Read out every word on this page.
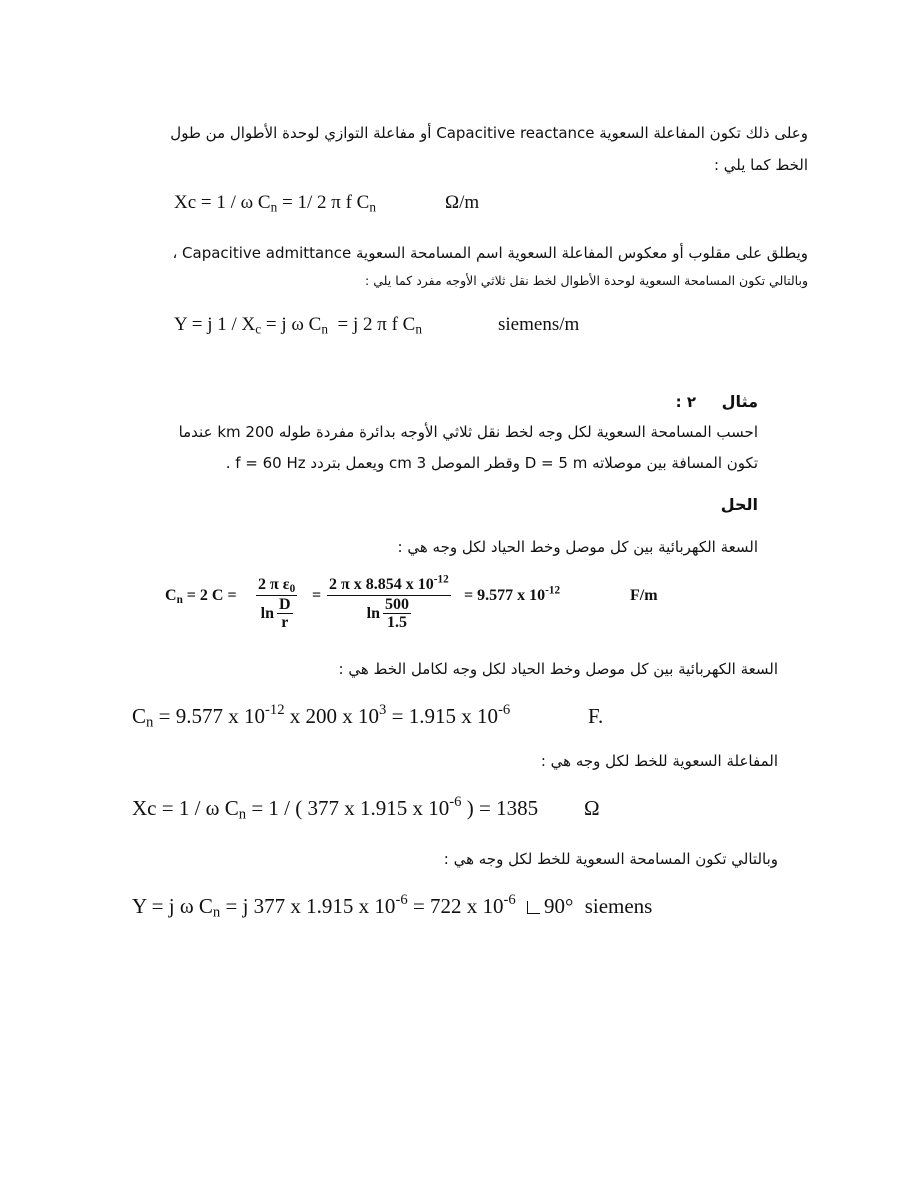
وعلى ذلك تكون المفاعلة السعوية Capacitive reactance أو مفاعلة التوازي لوحدة الأطوال من طول
الخط كما يلي :
Xc = 1 / ω $C_n = 1/$ 2 π f $C_n$	Ω/m
ويطلق على مقلوب أو معكوس المفاعلة السعوية اسم المسامحة السعوية Capacitive admittance ،
وبالتالي تكون المسامحة السعوية لوحدة الأطوال لخط نقل ثلاثي الأوجه مفرد كما يلي :
Y = j $1 / X_c = j$ ω $C_n = j$ 2 π f $C_n$	siemens/m
مثال
٢ :
احسب المسامحة السعوية لكل وجه لخط نقل ثلاثي الأوجه بدائرة مفردة طوله 200 km عندما
تكون المسافة بين موصلاته D = 5 m وقطر الموصل 3 cm ويعمل بتردد f = 60 Hz .
الحل
السعة الكهربائية بين كل موصل وخط الحياد لكل وجه هي :
$C_n = 2$ $C = \frac{2 \pi \varepsilon_0}{\ln \frac{D}{r}} = \frac{2 \pi x 8.854 x 10^{-12}}{\ln \frac{500}{1.5}} = 9.577$ x $10^{-12}$	F/m
السعة الكهربائية بين كل موصل وخط الحياد لكل وجه لكامل الخط هي :
$C_n = 9.577$ x $10^{-12}$ x 200 x $10^3 = 1.915$ x $10^{-6}$	F.
المفاعلة السعوية للخط لكل وجه هي :
Xc = 1 / ω $C_n = 1$ / ( 377 x 1.915 x $10^{-6}$ ) = 1385 Ω
وبالتالي تكون المسامحة السعوية للخط لكل وجه هي :
Y = j ω $C_n = j$ 377 x 1.915 x $10^{-6} = 722$ x $10^{-6}$ 90° siemens
